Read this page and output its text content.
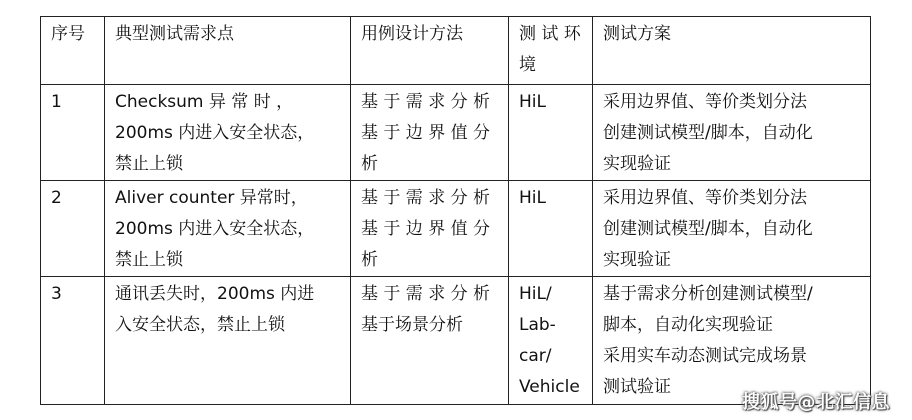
序号	典型测试需求点	用例设计方法	测 试 环
境	测试方案

1	Checksum 异 常 时 ，
200ms 内进入安全状态，
禁止上锁	基 于 需 求 分 析
基 于 边 界 值 分
析	HiL	采用边界值、等价类划分法
创建测试模型/脚本，自动化
实现验证

2	Aliver counter 异常时，
200ms 内进入安全状态，
禁止上锁	基 于 需 求 分 析
基 于 边 界 值 分
析	HiL	采用边界值、等价类划分法
创建测试模型/脚本，自动化
实现验证

3	通讯丢失时，200ms 内进
入安全状态，禁止上锁	基 于 需 求 分 析
基于场景分析	HiL/
Lab-
car/
Vehicle	基于需求分析创建测试模型/
脚本，自动化实现验证
采用实车动态测试完成场景
测试验证
搜狐号@北汇信息
